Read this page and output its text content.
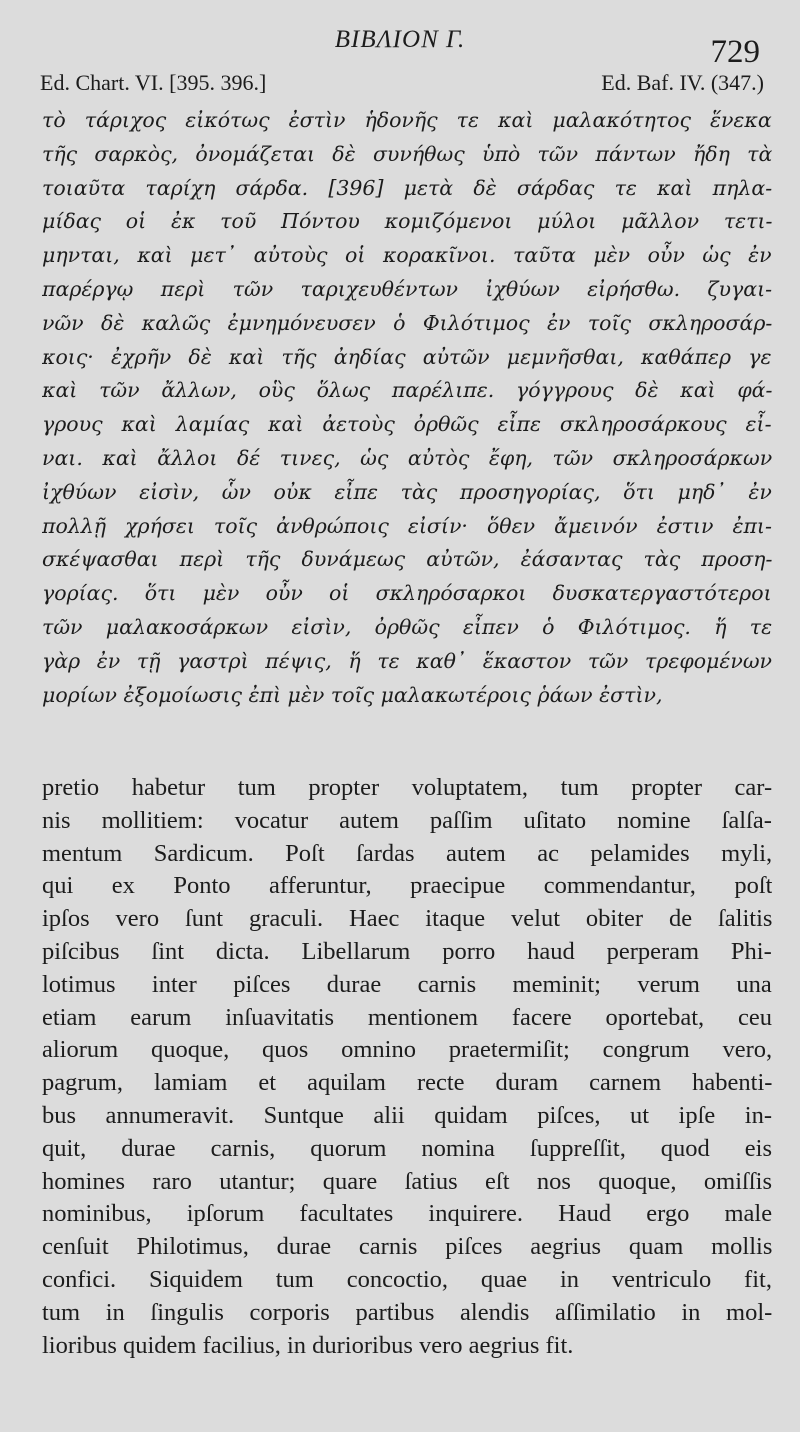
BIBΛΙΟΝ Γ.	729
Ed. Chart. VI. [395. 396.]	Ed. Baf. IV. (347.)
τὸ τάριχος εἰκότως ἐστὶν ἡδονῆς τε καὶ μαλακότητος ἕνεκα
τῆς σαρκὸς, ὀνομάζεται δὲ συνήθως ὑπὸ τῶν πάντων ἤδη τὰ
τοιαῦτα ταρίχη σάρδα. [396] μετὰ δὲ σάρδας τε καὶ πηλα-
μίδας οἱ ἐκ τοῦ Πόντου κομιζόμενοι μύλοι μᾶλλον τετι-
μηνται, καὶ μετ᾽ αὐτοὺς οἱ κορακῖνοι. ταῦτα μὲν οὖν ὡς ἐν
παρέργῳ περὶ τῶν ταριχευθέντων ἰχθύων εἰρήσθω. ζυγαι-
νῶν δὲ καλῶς ἐμνημόνευσεν ὁ Φιλότιμος ἐν τοῖς σκληροσάρ-
κοις· ἐχρῆν δὲ καὶ τῆς ἀηδίας αὐτῶν μεμνῆσθαι, καθάπερ γε
καὶ τῶν ἄλλων, οὓς ὅλως παρέλιπε. γόγγρους δὲ καὶ φά-
γρους καὶ λαμίας καὶ ἀετοὺς ὀρθῶς εἶπε σκληροσάρκους εἶ-
ναι. καὶ ἄλλοι δέ τινες, ὡς αὐτὸς ἔφη, τῶν σκληροσάρκων
ἰχθύων εἰσὶν, ὧν οὐκ εἶπε τὰς προσηγορίας, ὅτι μηδ᾽ ἐν
πολλῇ χρήσει τοῖς ἀνθρώποις εἰσίν· ὅθεν ἄμεινόν ἐστιν ἐπι-
σκέψασθαι περὶ τῆς δυνάμεως αὐτῶν, ἐάσαντας τὰς προση-
γορίας. ὅτι μὲν οὖν οἱ σκληρόσαρκοι δυσκατεργαστότεροι
τῶν μαλακοσάρκων εἰσὶν, ὀρθῶς εἶπεν ὁ Φιλότιμος. ἥ τε
γὰρ ἐν τῇ γαστρὶ πέψις, ἥ τε καθ᾽ ἕκαστον τῶν τρεφομένων
μορίων ἐξομοίωσις ἐπὶ μὲν τοῖς μαλακωτέροις ῥάων ἐστὶν,
pretio habetur tum propter voluptatem, tum propter car-
nis mollitiem: vocatur autem paſſim uſitato nomine ſalſa-
mentum Sardicum. Poſt ſardas autem ac pelamides myli,
qui ex Ponto afferuntur, praecipue commendantur, poſt
ipſos vero ſunt graculi. Haec itaque velut obiter de ſalitis
piſcibus ſint dicta. Libellarum porro haud perperam Phi-
lotimus inter piſces durae carnis meminit; verum una
etiam earum inſuavitatis mentionem facere oportebat, ceu
aliorum quoque, quos omnino praetermiſit; congrum vero,
pagrum, lamiam et aquilam recte duram carnem habenti-
bus annumeravit. Suntque alii quidam piſces, ut ipſe in-
quit, durae carnis, quorum nomina ſuppreſſit, quod eis
homines raro utantur; quare ſatius eſt nos quoque, omiſſis
nominibus, ipſorum facultates inquirere. Haud ergo male
cenſuit Philotimus, durae carnis piſces aegrius quam mollis
confici. Siquidem tum concoctio, quae in ventriculo fit,
tum in ſingulis corporis partibus alendis aſſimilatio in mol-
lioribus quidem facilius, in durioribus vero aegrius fit.
